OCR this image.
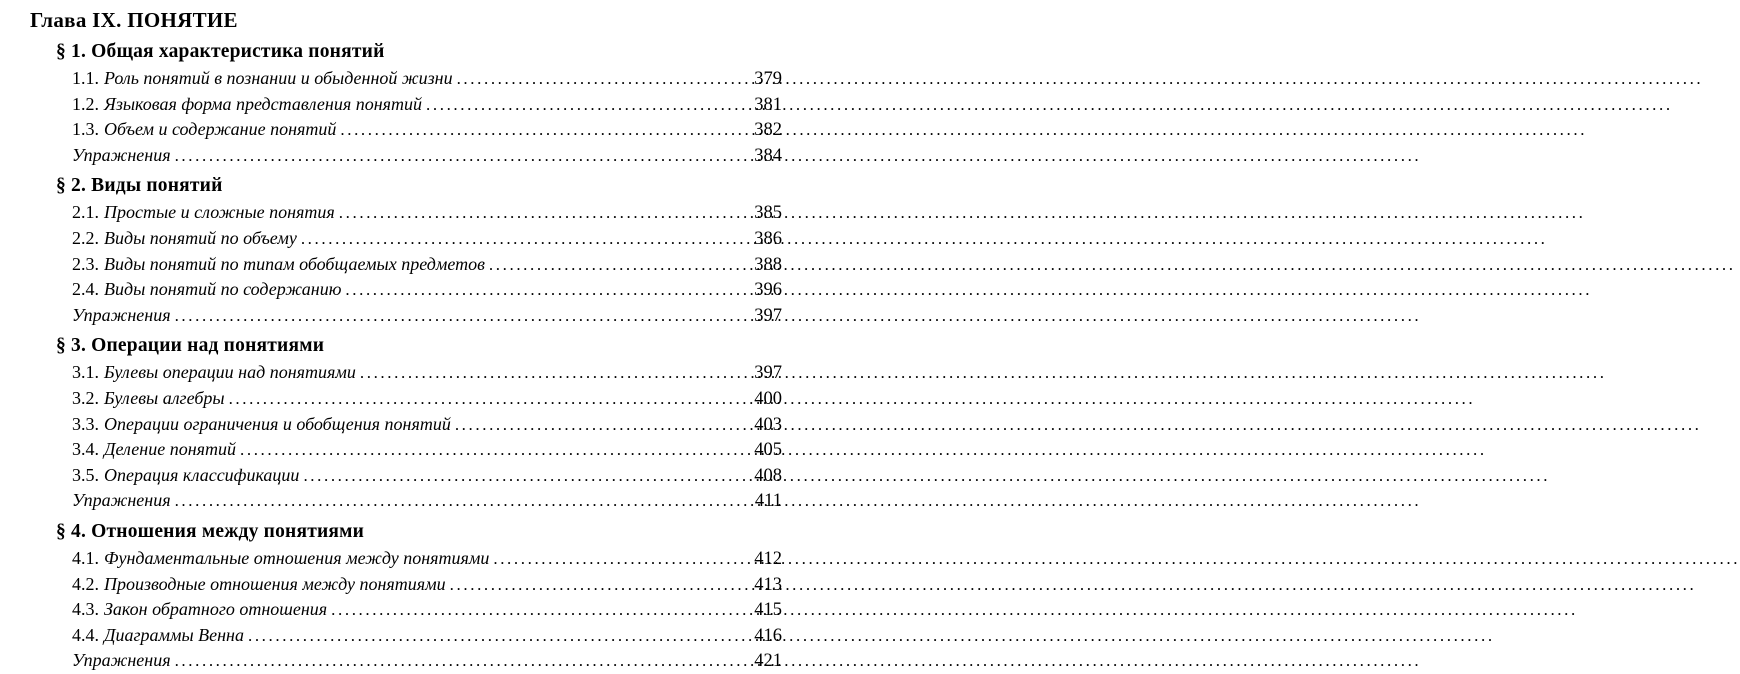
Глава IX. ПОНЯТИЕ
§ 1. Общая характеристика понятий
1.1. Роль понятий в познании и обыденной жизни .....	379
1.2. Языковая форма представления понятий .....	381
1.3. Объем и содержание понятий .....	382
Упражнения .....	384
§ 2. Виды понятий
2.1. Простые и сложные понятия .....	385
2.2. Виды понятий по объему .....	386
2.3. Виды понятий по типам обобщаемых предметов .....	388
2.4. Виды понятий по содержанию .....	396
Упражнения .....	397
§ 3. Операции над понятиями
3.1. Булевы операции над понятиями .....	397
3.2. Булевы алгебры .....	400
3.3. Операции ограничения и обобщения понятий .....	403
3.4. Деление понятий .....	405
3.5. Операция классификации .....	408
Упражнения .....	411
§ 4. Отношения между понятиями
4.1. Фундаментальные отношения между понятиями .....	412
4.2. Производные отношения между понятиями .....	413
4.3. Закон обратного отношения .....	415
4.4. Диаграммы Венна .....	416
Упражнения .....	421
